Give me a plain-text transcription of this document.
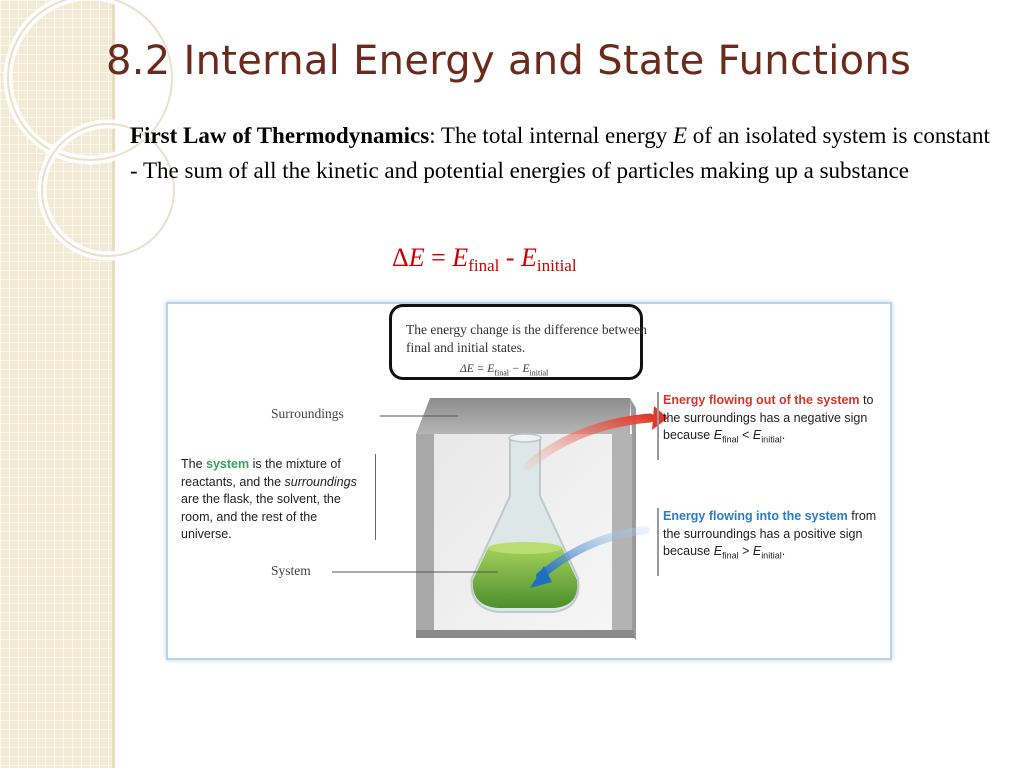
8.2 Internal Energy and State Functions
First Law of Thermodynamics: The total internal energy E of an isolated system is constant
- The sum of all the kinetic and potential energies of particles making up a substance
$\Delta E = E_{final} - E_{initial}$
The energy change is the difference between final and initial states.
$\Delta E = E_{final} - E_{initial}$
Surroundings
System
The system is the mixture of reactants, and the surroundings are the flask, the solvent, the room, and the rest of the universe.
Energy flowing out of the system to the surroundings has a negative sign because $E_{final} < E_{initial}$.
Energy flowing into the system from the surroundings has a positive sign because $E_{final} > E_{initial}$.
